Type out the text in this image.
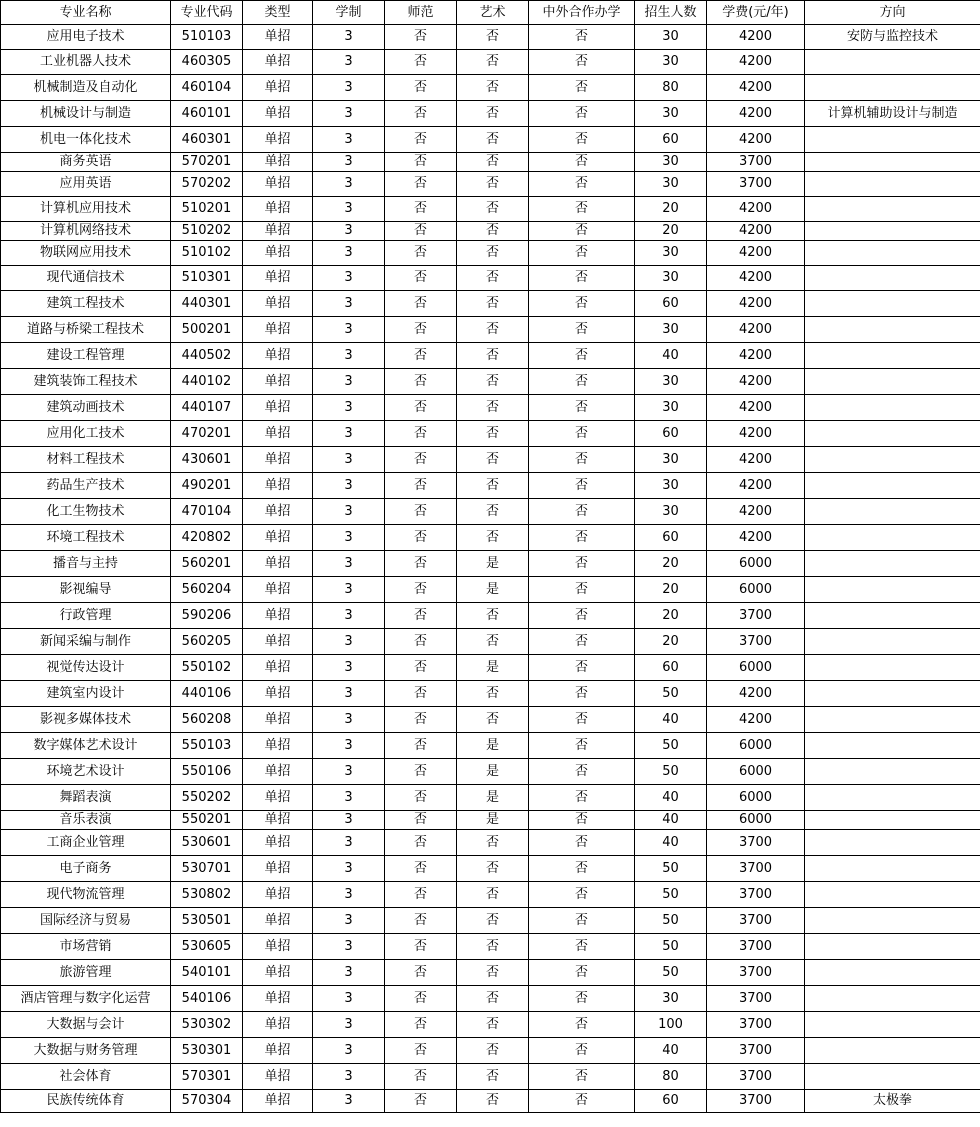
专业名称	专业代码	类型	学制	师范	艺术	中外合作办学	招生人数	学费(元/年)	方向
应用电子技术	510103	单招	3	否	否	否	30	4200	安防与监控技术
工业机器人技术	460305	单招	3	否	否	否	30	4200	
机械制造及自动化	460104	单招	3	否	否	否	80	4200	
机械设计与制造	460101	单招	3	否	否	否	30	4200	计算机辅助设计与制造
机电一体化技术	460301	单招	3	否	否	否	60	4200	
商务英语	570201	单招	3	否	否	否	30	3700	
应用英语	570202	单招	3	否	否	否	30	3700	
计算机应用技术	510201	单招	3	否	否	否	20	4200	
计算机网络技术	510202	单招	3	否	否	否	20	4200	
物联网应用技术	510102	单招	3	否	否	否	30	4200	
现代通信技术	510301	单招	3	否	否	否	30	4200	
建筑工程技术	440301	单招	3	否	否	否	60	4200	
道路与桥梁工程技术	500201	单招	3	否	否	否	30	4200	
建设工程管理	440502	单招	3	否	否	否	40	4200	
建筑装饰工程技术	440102	单招	3	否	否	否	30	4200	
建筑动画技术	440107	单招	3	否	否	否	30	4200	
应用化工技术	470201	单招	3	否	否	否	60	4200	
材料工程技术	430601	单招	3	否	否	否	30	4200	
药品生产技术	490201	单招	3	否	否	否	30	4200	
化工生物技术	470104	单招	3	否	否	否	30	4200	
环境工程技术	420802	单招	3	否	否	否	60	4200	
播音与主持	560201	单招	3	否	是	否	20	6000	
影视编导	560204	单招	3	否	是	否	20	6000	
行政管理	590206	单招	3	否	否	否	20	3700	
新闻采编与制作	560205	单招	3	否	否	否	20	3700	
视觉传达设计	550102	单招	3	否	是	否	60	6000	
建筑室内设计	440106	单招	3	否	否	否	50	4200	
影视多媒体技术	560208	单招	3	否	否	否	40	4200	
数字媒体艺术设计	550103	单招	3	否	是	否	50	6000	
环境艺术设计	550106	单招	3	否	是	否	50	6000	
舞蹈表演	550202	单招	3	否	是	否	40	6000	
音乐表演	550201	单招	3	否	是	否	40	6000	
工商企业管理	530601	单招	3	否	否	否	40	3700	
电子商务	530701	单招	3	否	否	否	50	3700	
现代物流管理	530802	单招	3	否	否	否	50	3700	
国际经济与贸易	530501	单招	3	否	否	否	50	3700	
市场营销	530605	单招	3	否	否	否	50	3700	
旅游管理	540101	单招	3	否	否	否	50	3700	
酒店管理与数字化运营	540106	单招	3	否	否	否	30	3700	
大数据与会计	530302	单招	3	否	否	否	100	3700	
大数据与财务管理	530301	单招	3	否	否	否	40	3700	
社会体育	570301	单招	3	否	否	否	80	3700	
民族传统体育	570304	单招	3	否	否	否	60	3700	太极拳
